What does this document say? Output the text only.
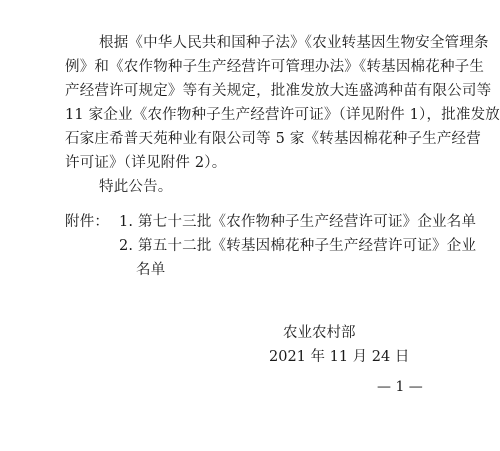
根据《中华人民共和国种子法》《农业转基因生物安全管理条
例》和《农作物种子生产经营许可管理办法》《转基因棉花种子生
产经营许可规定》等有关规定，批准发放大连盛鸿种苗有限公司等
11 家企业《农作物种子生产经营许可证》（详见附件 1），批准发放
石家庄希普天苑种业有限公司等 5 家《转基因棉花种子生产经营
许可证》（详见附件 2）。
特此公告。
附件： 1. 第七十三批《农作物种子生产经营许可证》企业名单
2. 第五十二批《转基因棉花种子生产经营许可证》企业
名单
农业农村部
2021 年 11 月 24 日
— 1 —
